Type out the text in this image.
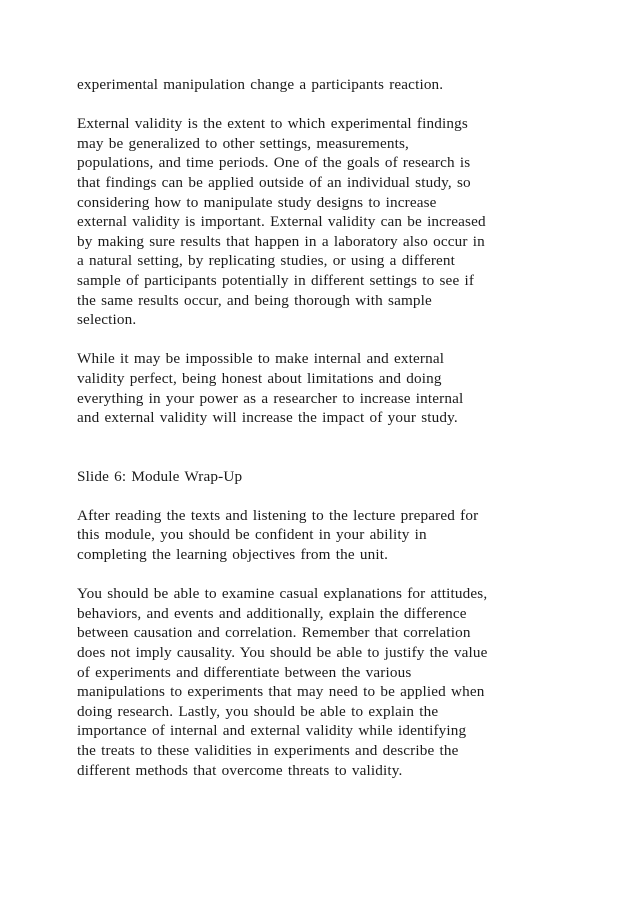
experimental manipulation change a participants reaction.
External validity is the extent to which experimental findings
may be generalized to other settings, measurements,
populations, and time periods. One of the goals of research is
that findings can be applied outside of an individual study, so
considering how to manipulate study designs to increase
external validity is important. External validity can be increased
by making sure results that happen in a laboratory also occur in
a natural setting, by replicating studies, or using a different
sample of participants potentially in different settings to see if
the same results occur, and being thorough with sample
selection.
While it may be impossible to make internal and external
validity perfect, being honest about limitations and doing
everything in your power as a researcher to increase internal
and external validity will increase the impact of your study.
Slide 6: Module Wrap-Up
After reading the texts and listening to the lecture prepared for
this module, you should be confident in your ability in
completing the learning objectives from the unit.
You should be able to examine casual explanations for attitudes,
behaviors, and events and additionally, explain the difference
between causation and correlation. Remember that correlation
does not imply causality. You should be able to justify the value
of experiments and differentiate between the various
manipulations to experiments that may need to be applied when
doing research. Lastly, you should be able to explain the
importance of internal and external validity while identifying
the treats to these validities in experiments and describe the
different methods that overcome threats to validity.
